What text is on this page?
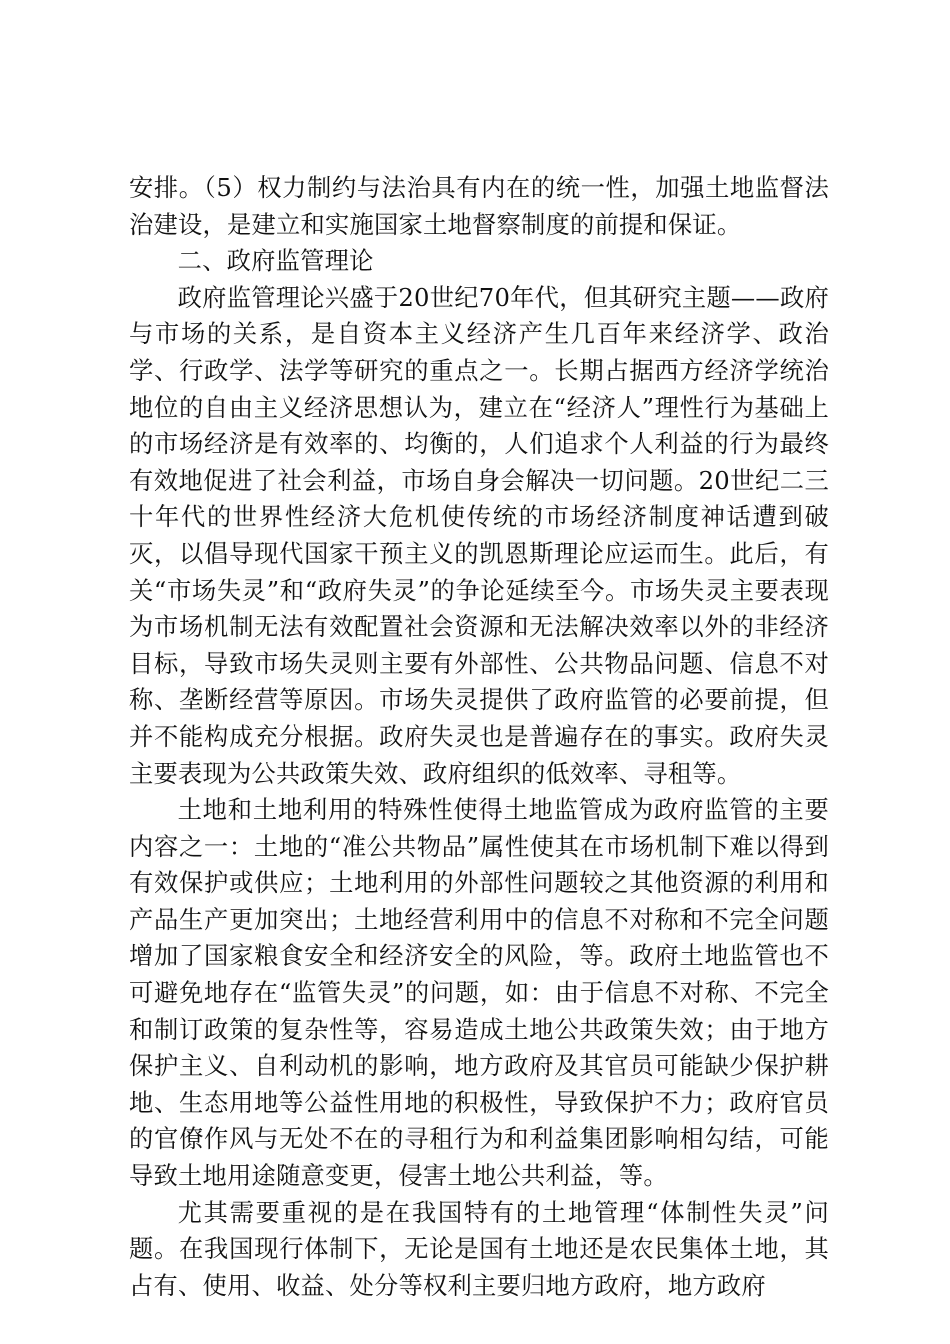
安排。（5）权力制约与法治具有内在的统一性，加强土地监督法治建设，是建立和实施国家土地督察制度的前提和保证。

二、政府监管理论

政府监管理论兴盛于20世纪70年代，但其研究主题——政府与市场的关系，是自资本主义经济产生几百年来经济学、政治学、行政学、法学等研究的重点之一。长期占据西方经济学统治地位的自由主义经济思想认为，建立在“经济人”理性行为基础上的市场经济是有效率的、均衡的，人们追求个人利益的行为最终有效地促进了社会利益，市场自身会解决一切问题。20世纪二三十年代的世界性经济大危机使传统的市场经济制度神话遭到破灭，以倡导现代国家干预主义的凯恩斯理论应运而生。此后，有关“市场失灵”和“政府失灵”的争论延续至今。市场失灵主要表现为市场机制无法有效配置社会资源和无法解决效率以外的非经济目标，导致市场失灵则主要有外部性、公共物品问题、信息不对称、垄断经营等原因。市场失灵提供了政府监管的必要前提，但并不能构成充分根据。政府失灵也是普遍存在的事实。政府失灵主要表现为公共政策失效、政府组织的低效率、寻租等。

土地和土地利用的特殊性使得土地监管成为政府监管的主要内容之一：土地的“准公共物品”属性使其在市场机制下难以得到有效保护或供应；土地利用的外部性问题较之其他资源的利用和产品生产更加突出；土地经营利用中的信息不对称和不完全问题增加了国家粮食安全和经济安全的风险，等。政府土地监管也不可避免地存在“监管失灵”的问题，如：由于信息不对称、不完全和制订政策的复杂性等，容易造成土地公共政策失效；由于地方保护主义、自利动机的影响，地方政府及其官员可能缺少保护耕地、生态用地等公益性用地的积极性，导致保护不力；政府官员的官僚作风与无处不在的寻租行为和利益集团影响相勾结，可能导致土地用途随意变更，侵害土地公共利益，等。

尤其需要重视的是在我国特有的土地管理“体制性失灵”问题。在我国现行体制下，无论是国有土地还是农民集体土地，其占有、使用、收益、处分等权利主要归地方政府，地方政府
